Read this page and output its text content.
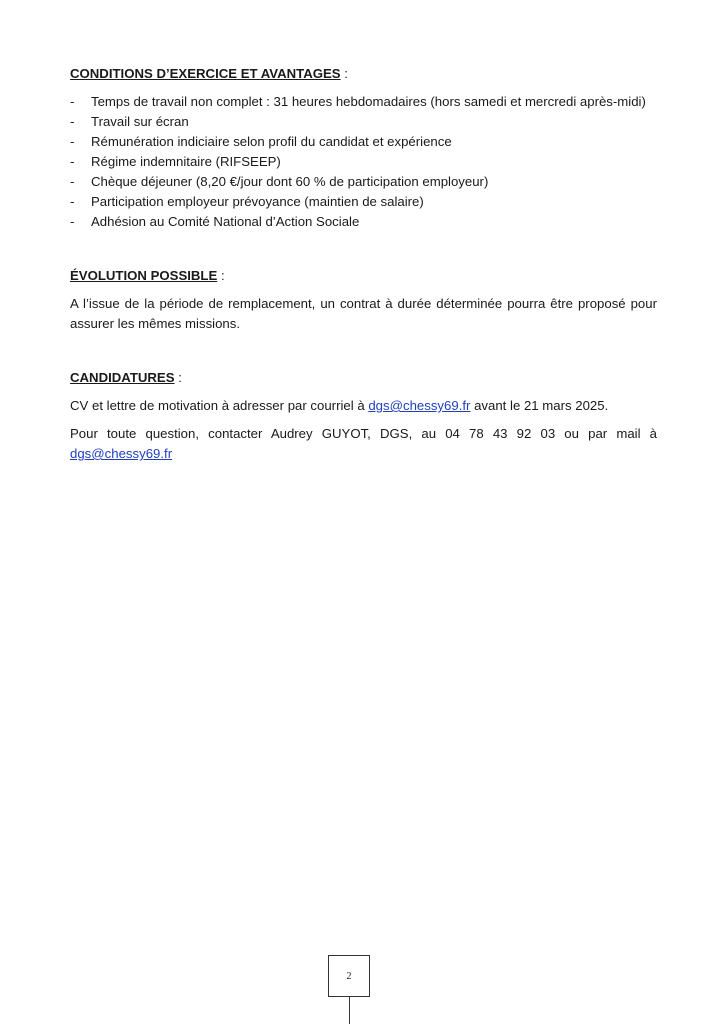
CONDITIONS D’EXERCICE ET AVANTAGES :
- Temps de travail non complet : 31 heures hebdomadaires (hors samedi et mercredi après-midi)
- Travail sur écran
- Rémunération indiciaire selon profil du candidat et expérience
- Régime indemnitaire (RIFSEEP)
- Chèque déjeuner (8,20 €/jour dont 60 % de participation employeur)
- Participation employeur prévoyance (maintien de salaire)
- Adhésion au Comité National d’Action Sociale
ÉVOLUTION POSSIBLE :

A l’issue de la période de remplacement, un contrat à durée déterminée pourra être proposé pour assurer les mêmes missions.

CANDIDATURES :

CV et lettre de motivation à adresser par courriel à dgs@chessy69.fr avant le 21 mars 2025.

Pour toute question, contacter Audrey GUYOT, DGS, au 04 78 43 92 03 ou par mail à

dgs@chessy69.fr

2
